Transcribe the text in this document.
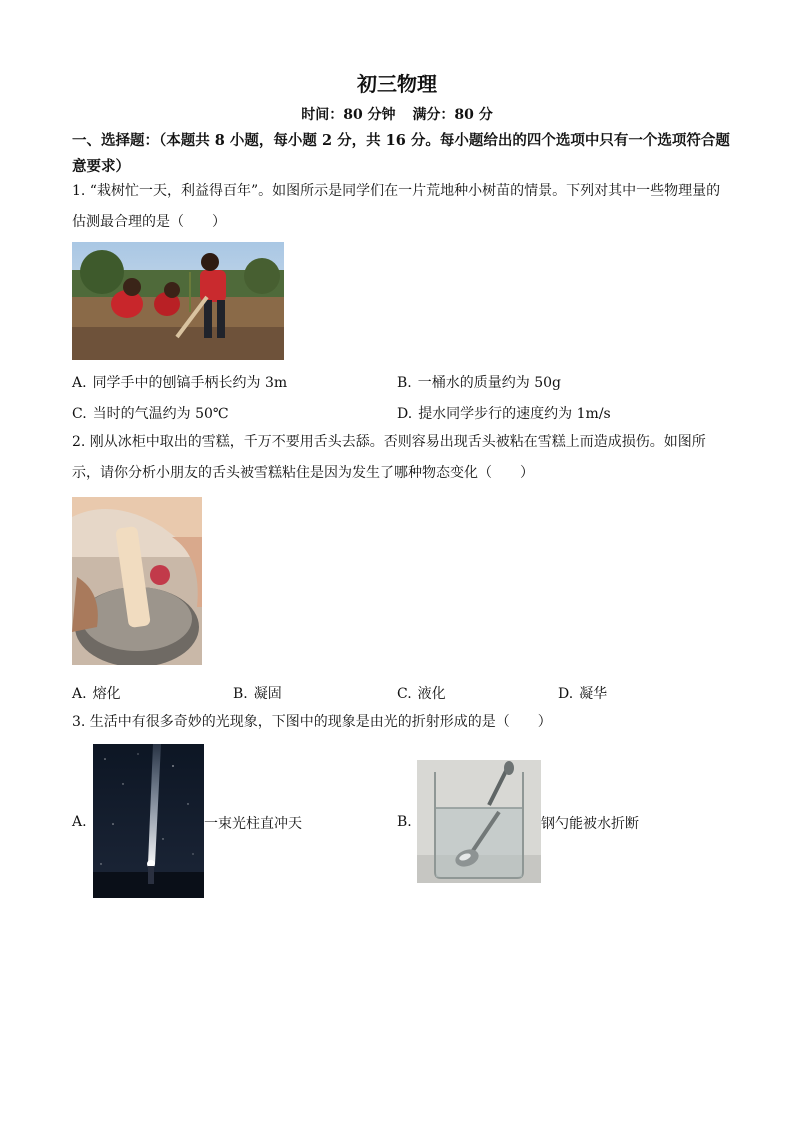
初三物理
时间：80 分钟 满分：80 分
一、选择题：（本题共 8 小题，每小题 2 分，共 16 分。每小题给出的四个选项中只有一个选项符合题意要求）
1. “栽树忙一天，利益得百年”。如图所示是同学们在一片荒地种小树苗的情景。下列对其中一些物理量的估测最合理的是（　　）
A. 同学手中的刨镐手柄长约为 3m	B. 一桶水的质量约为 50g
C. 当时的气温约为 50℃	D. 提水同学步行的速度约为 1m/s
2. 刚从冰柜中取出的雪糕，千万不要用舌头去舔。否则容易出现舌头被粘在雪糕上而造成损伤。如图所示，请你分析小朋友的舌头被雪糕粘住是因为发生了哪种物态变化（　　）
A. 熔化	B. 凝固	C. 液化	D. 凝华
3. 生活中有很多奇妙的光现象，下图中的现象是由光的折射形成的是（　　）
A.	一束光柱直冲天	B.	钢勺能被水折断
